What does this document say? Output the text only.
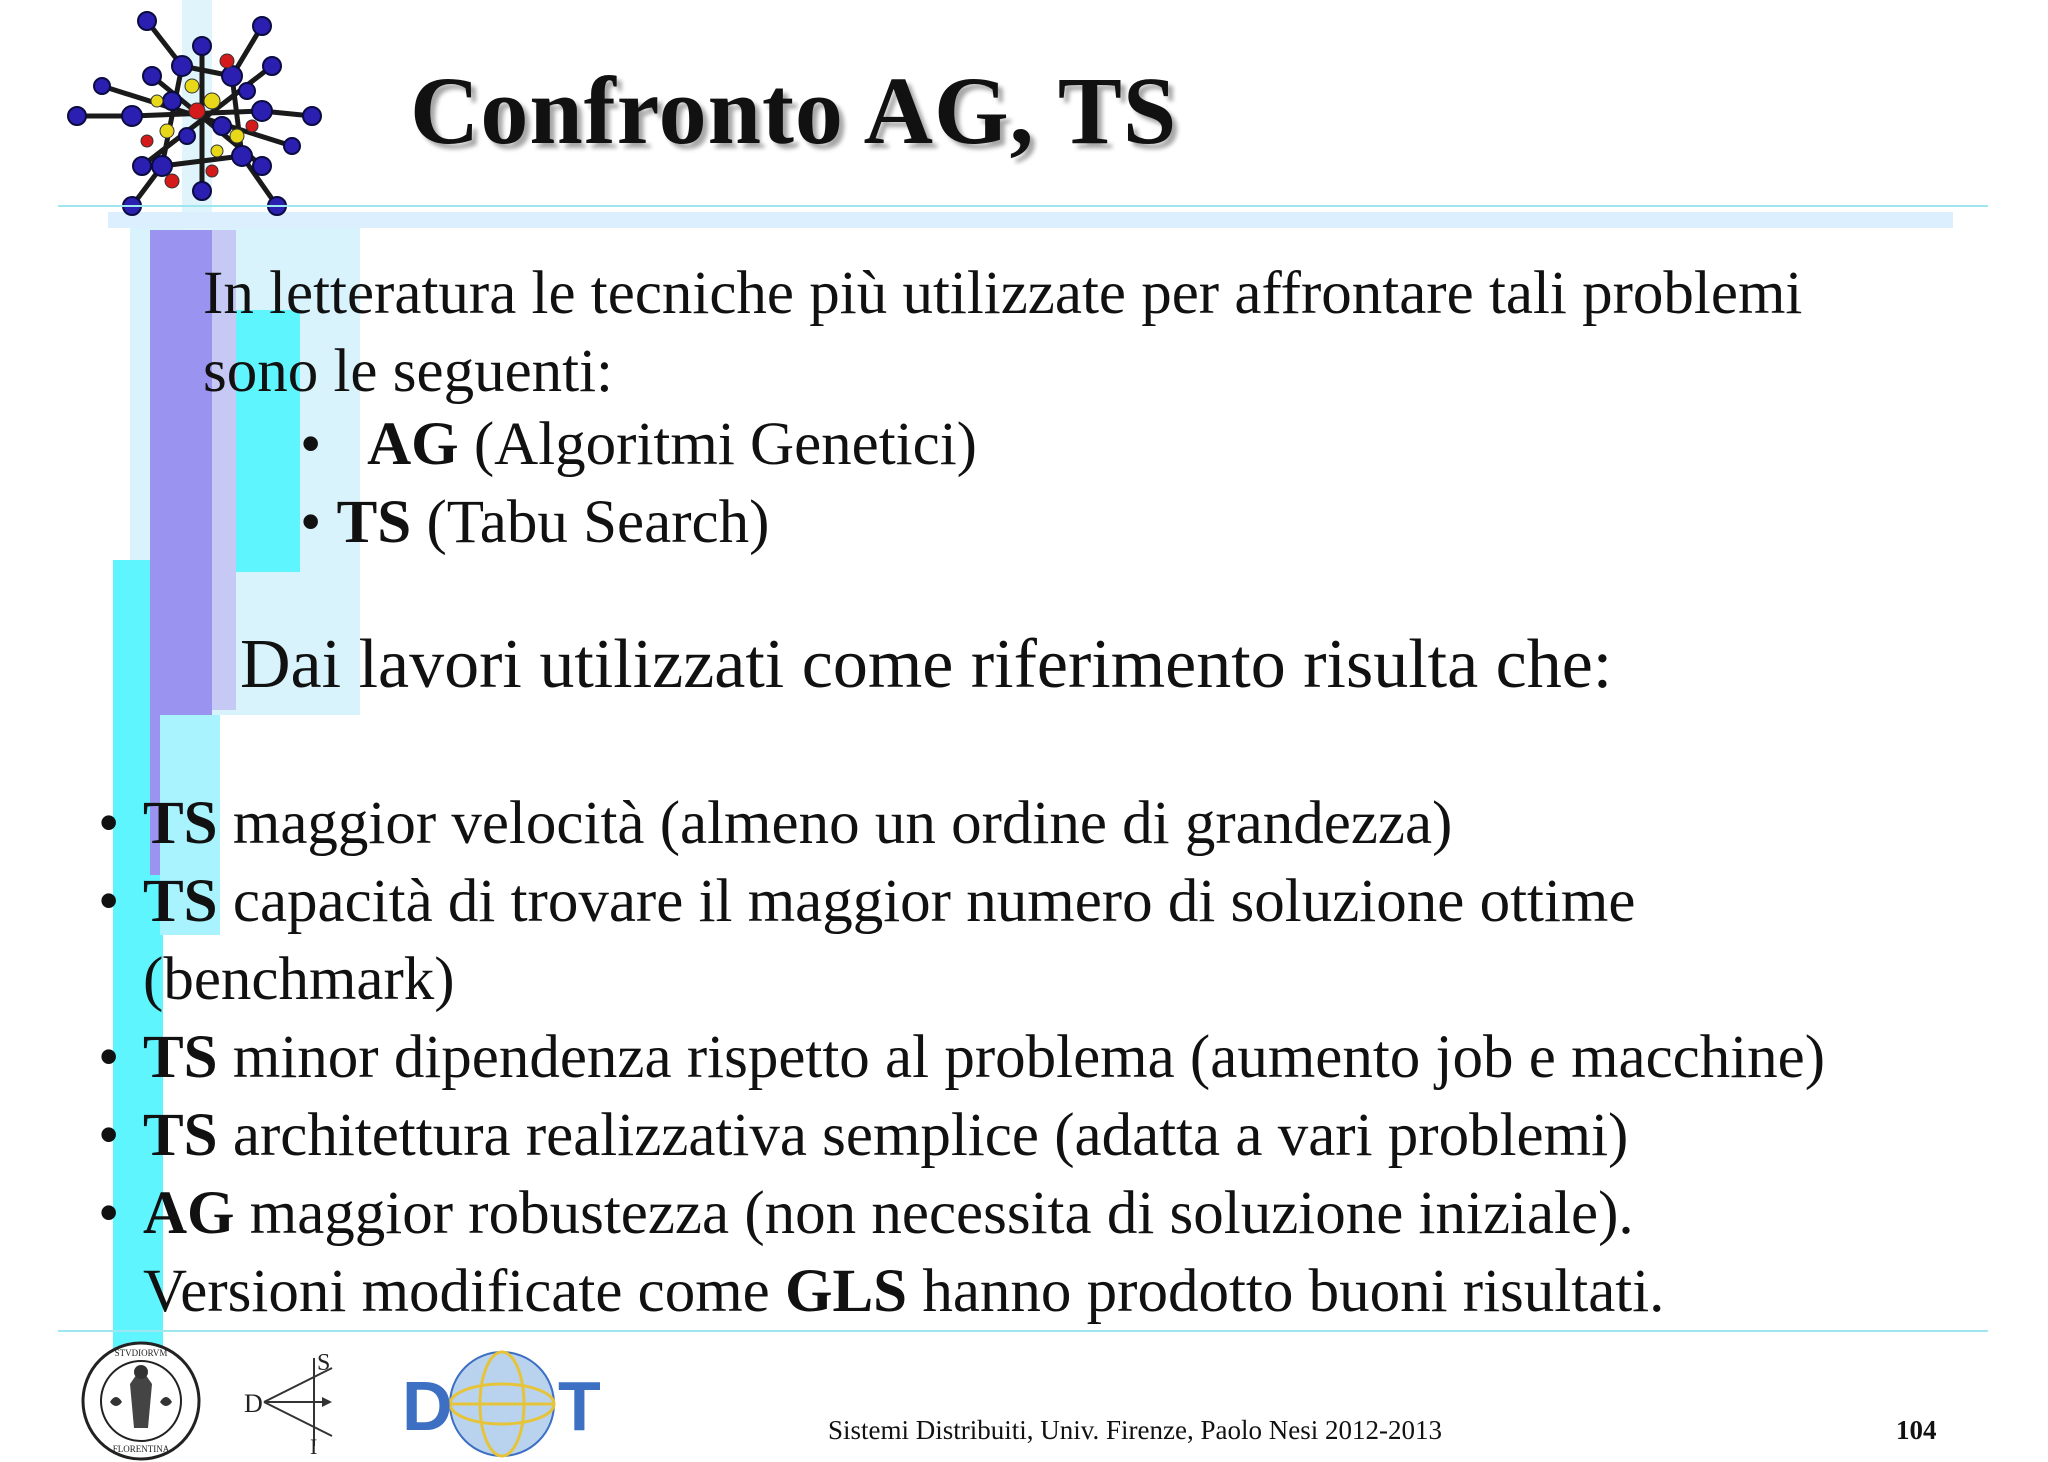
Confronto AG, TS
In letteratura le tecniche più utilizzate per affrontare tali problemi
sono le seguenti:
• AG (Algoritmi Genetici)
• TS (Tabu Search)
Dai lavori utilizzati come riferimento risulta che:
• TS maggior velocità (almeno un ordine di grandezza)
• TS capacità di trovare il maggior numero di soluzione ottime
(benchmark)
• TS minor dipendenza rispetto al problema (aumento job e macchine)
• TS architettura realizzativa semplice (adatta a vari problemi)
• AG maggior robustezza (non necessita di soluzione iniziale).
Versioni modificate come GLS hanno prodotto buoni risultati.
STVDIORVM
FLORENTINA
D
S
I
D T	Sistemi Distribuiti, Univ. Firenze, Paolo Nesi 2012-2013	104
